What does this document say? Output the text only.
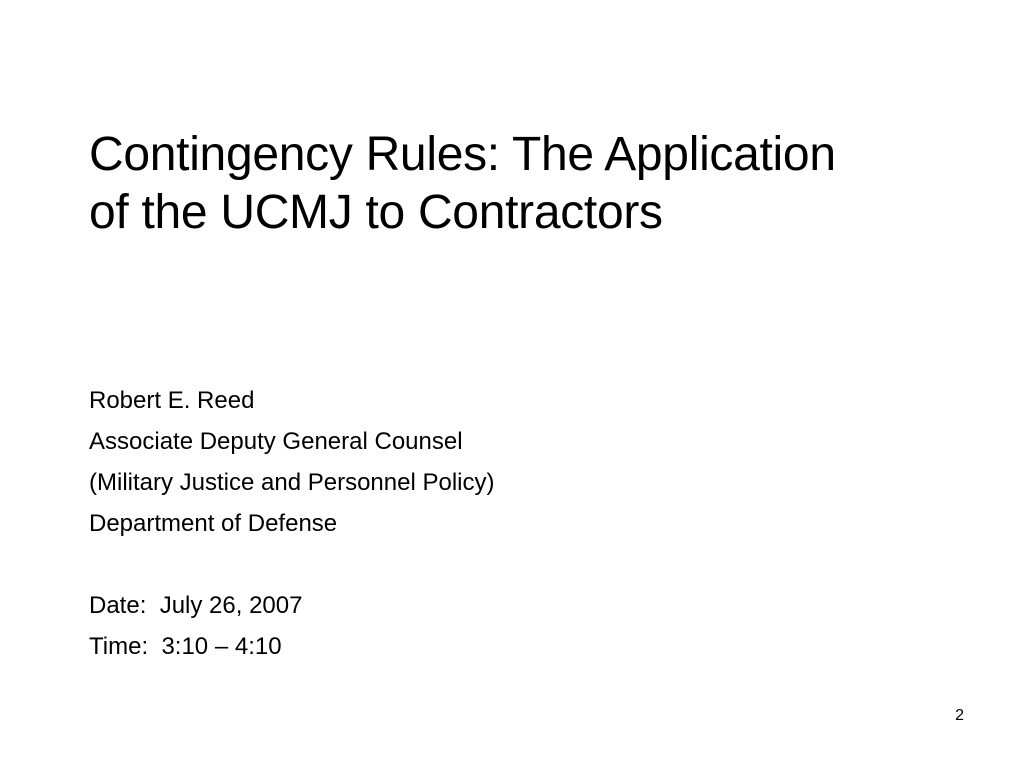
Contingency Rules: The Application
of the UCMJ to Contractors
Robert E. Reed
Associate Deputy General Counsel
(Military Justice and Personnel Policy)
Department of Defense
Date:  July 26, 2007
Time:  3:10 – 4:10
2
